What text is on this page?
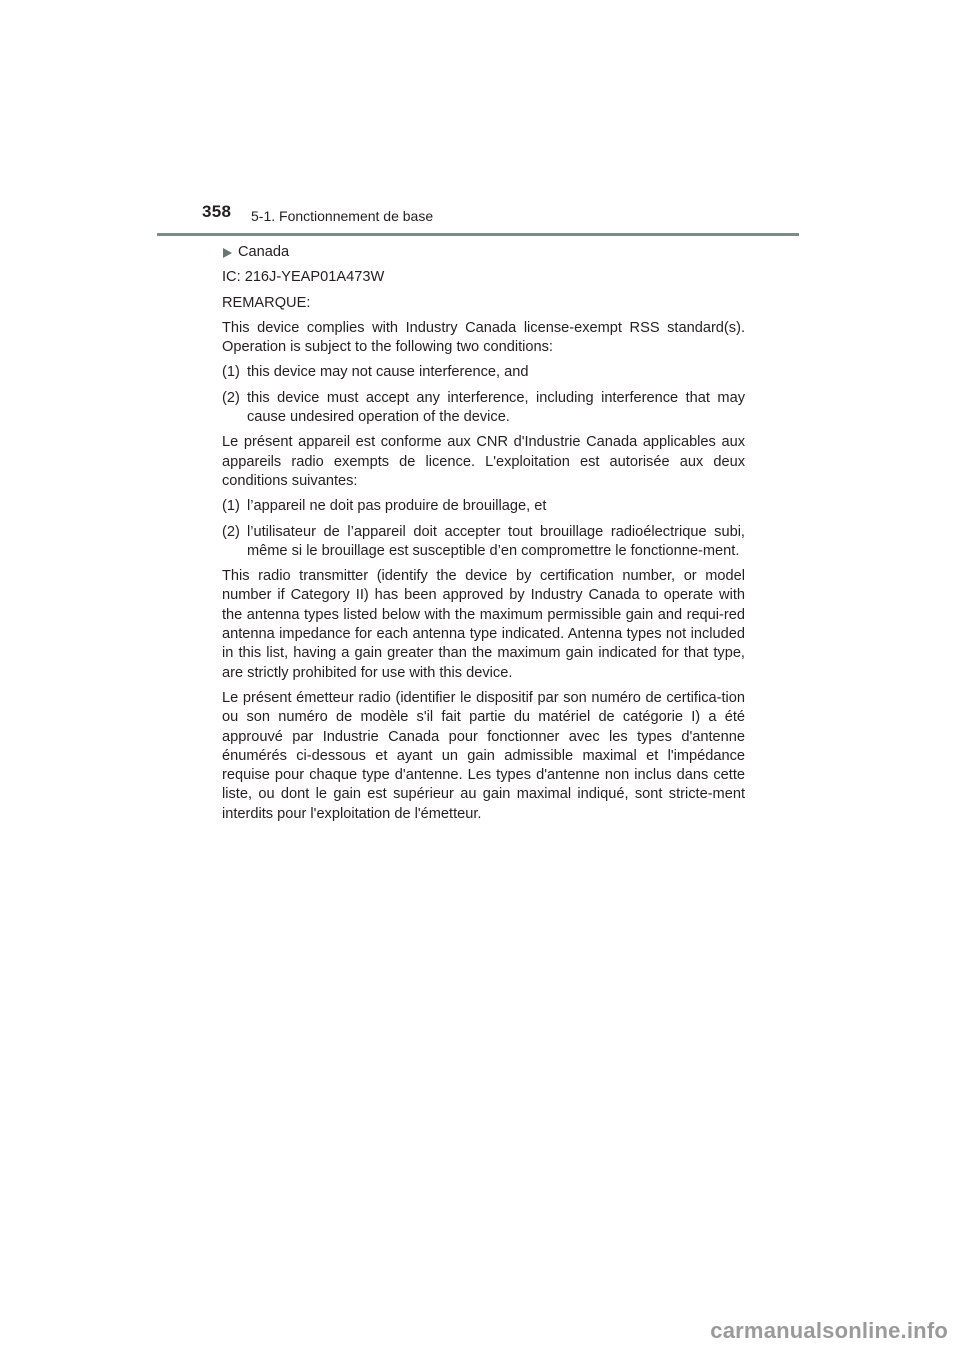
358 5-1. Fonctionnement de base
Canada

IC: 216J-YEAP01A473W

REMARQUE:

This device complies with Industry Canada license-exempt RSS standard(s). Operation is subject to the following two conditions:

(1) this device may not cause interference, and
(2) this device must accept any interference, including interference that may cause undesired operation of the device.

Le présent appareil est conforme aux CNR d'Industrie Canada applicables aux appareils radio exempts de licence. L'exploitation est autorisée aux deux conditions suivantes:

(1) l’appareil ne doit pas produire de brouillage, et
(2) l’utilisateur de l’appareil doit accepter tout brouillage radioélectrique subi, même si le brouillage est susceptible d’en compromettre le fonctionne-ment.

This radio transmitter (identify the device by certification number, or model number if Category II) has been approved by Industry Canada to operate with the antenna types listed below with the maximum permissible gain and requi-red antenna impedance for each antenna type indicated. Antenna types not included in this list, having a gain greater than the maximum gain indicated for that type, are strictly prohibited for use with this device.

Le présent émetteur radio (identifier le dispositif par son numéro de certifica-tion ou son numéro de modèle s'il fait partie du matériel de catégorie I) a été approuvé par Industrie Canada pour fonctionner avec les types d'antenne énumérés ci-dessous et ayant un gain admissible maximal et l'impédance requise pour chaque type d'antenne. Les types d'antenne non inclus dans cette liste, ou dont le gain est supérieur au gain maximal indiqué, sont stricte-ment interdits pour l'exploitation de l'émetteur.

carmanualsonline.info
